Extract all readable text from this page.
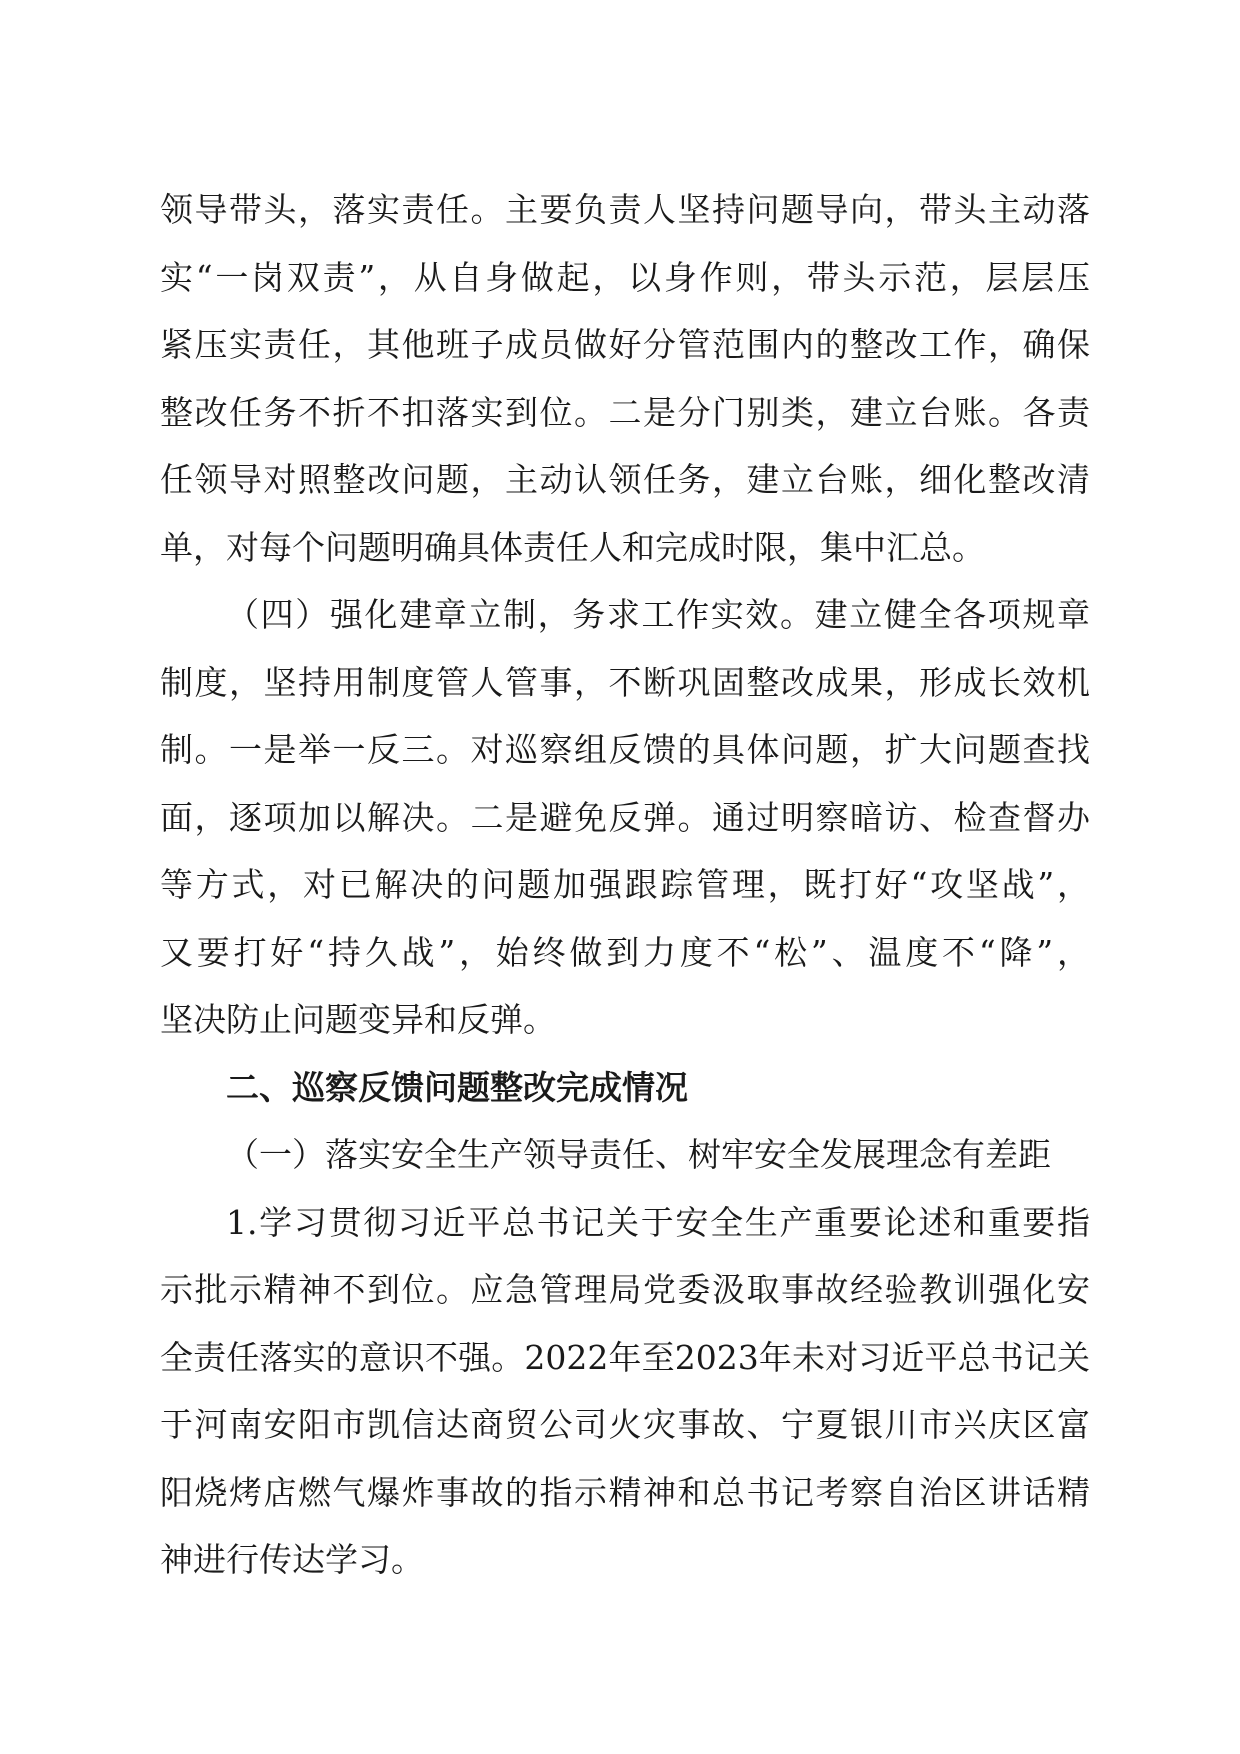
领导带头，落实责任。主要负责人坚持问题导向，带头主动落
实“一岗双责”，从自身做起，以身作则，带头示范，层层压
紧压实责任，其他班子成员做好分管范围内的整改工作，确保
整改任务不折不扣落实到位。二是分门别类，建立台账。各责
任领导对照整改问题，主动认领任务，建立台账，细化整改清
单，对每个问题明确具体责任人和完成时限，集中汇总。
（四）强化建章立制，务求工作实效。建立健全各项规章
制度，坚持用制度管人管事，不断巩固整改成果，形成长效机
制。一是举一反三。对巡察组反馈的具体问题，扩大问题查找
面，逐项加以解决。二是避免反弹。通过明察暗访、检查督办
等方式，对已解决的问题加强跟踪管理，既打好“攻坚战”，
又要打好“持久战”，始终做到力度不“松”、温度不“降”，
坚决防止问题变异和反弹。
二、巡察反馈问题整改完成情况
（一）落实安全生产领导责任、树牢安全发展理念有差距
1.学习贯彻习近平总书记关于安全生产重要论述和重要指
示批示精神不到位。应急管理局党委汲取事故经验教训强化安
全责任落实的意识不强。2022年至2023年未对习近平总书记关
于河南安阳市凯信达商贸公司火灾事故、宁夏银川市兴庆区富
阳烧烤店燃气爆炸事故的指示精神和总书记考察自治区讲话精
神进行传达学习。
